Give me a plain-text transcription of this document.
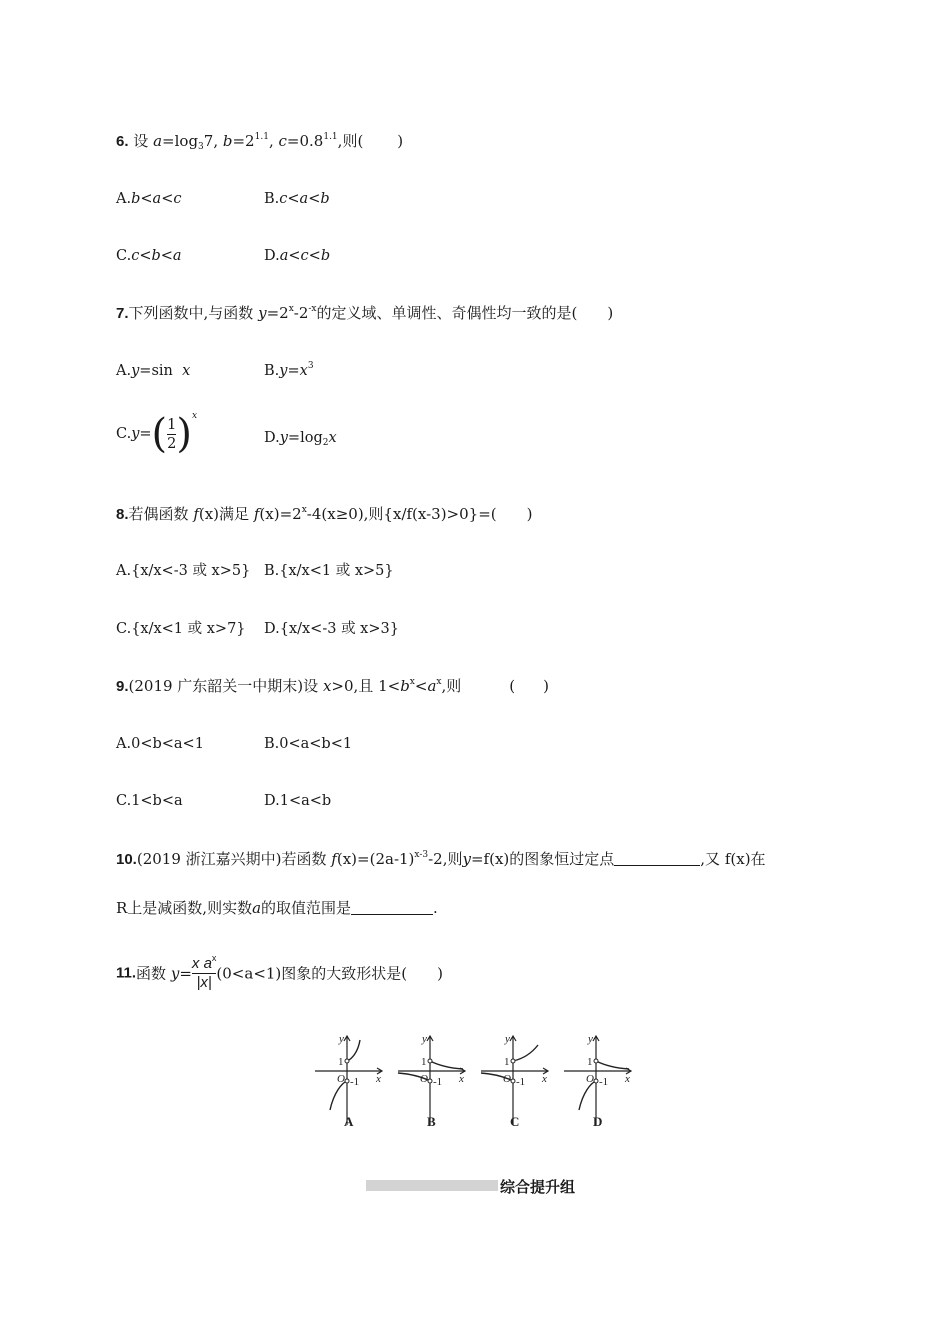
6. 设 $a=\log_37$, $b=2^{1.1}$, $c=0.8^{1.1}$,则( )
A.b<a<c	B.c<a<b
C.c<b<a	D.a<c<b
7.下列函数中,与函数 $y=2^x-2^{-x}$的定义域、单调性、奇偶性均一致的是( )
A.y=sin x	$B.y=x^3$
$C.y=( \frac{1}{2} )^x$
$D.y=\log_2x$
8.若偶函数 f(x)满足 $f(x)=2^x-4(x\ge 0)$,则{x/f(x-3)>0}=( )
A.{x/x<-3 或 x>5} B.{x/x<1 或 x>5}
C.{x/x<1 或 x>7} D.{x/x<-3 或 x>3}
9.(2019 广东韶关一中期末)设 x>0,且 $1<b^x<a^x$,则	( )
A.0<b<a<1	B.0<a<b<1
C.1<b<a	D.1<a<b
10.(2019 浙江嘉兴期中)若函数 $f(x)=(2a-1)^{x-3}-2$,则y=f(x)的图象恒过定点	,又 f(x)在
R上是减函数,则实数a的取值范围是	.
11.函数 $y= \frac{x a^x}{|x|} (0<a<1)$图象的大致形状是( )
y
x
1
O -1
A
y
x
1
O -1
B
y
x
1
O -1
C
y
x
1
O -1
D
综合提升组
